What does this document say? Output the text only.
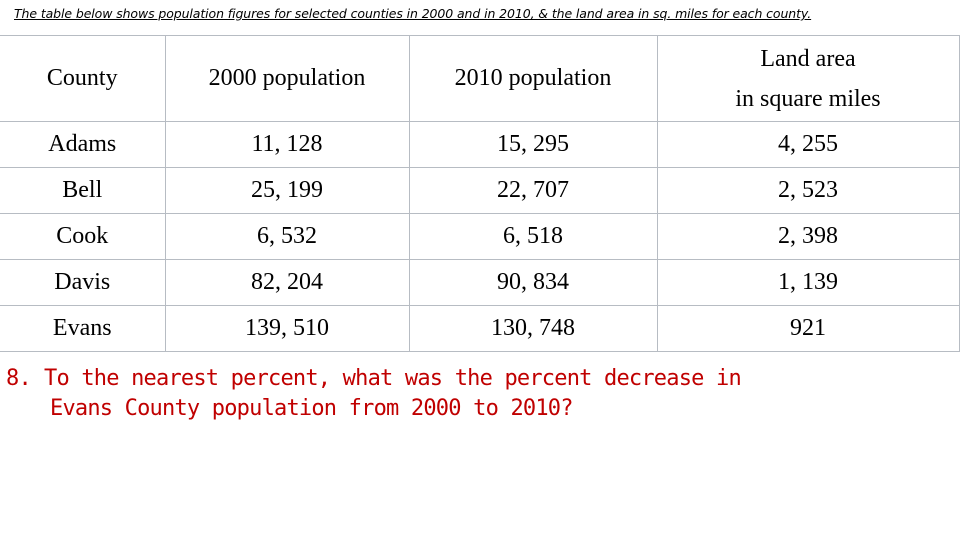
The table below shows population figures for selected counties in 2000 and in 2010, & the land area in sq. miles for each county.
County	2000 population	2010 population	Land area
in square miles
Adams	11, 128	15, 295	4, 255
Bell	25, 199	22, 707	2, 523
Cook	6, 532	6, 518	2, 398
Davis	82, 204	90, 834	1, 139
Evans	139, 510	130, 748	921
8. To the nearest percent, what was the percent decrease in
Evans County population from 2000 to 2010?
